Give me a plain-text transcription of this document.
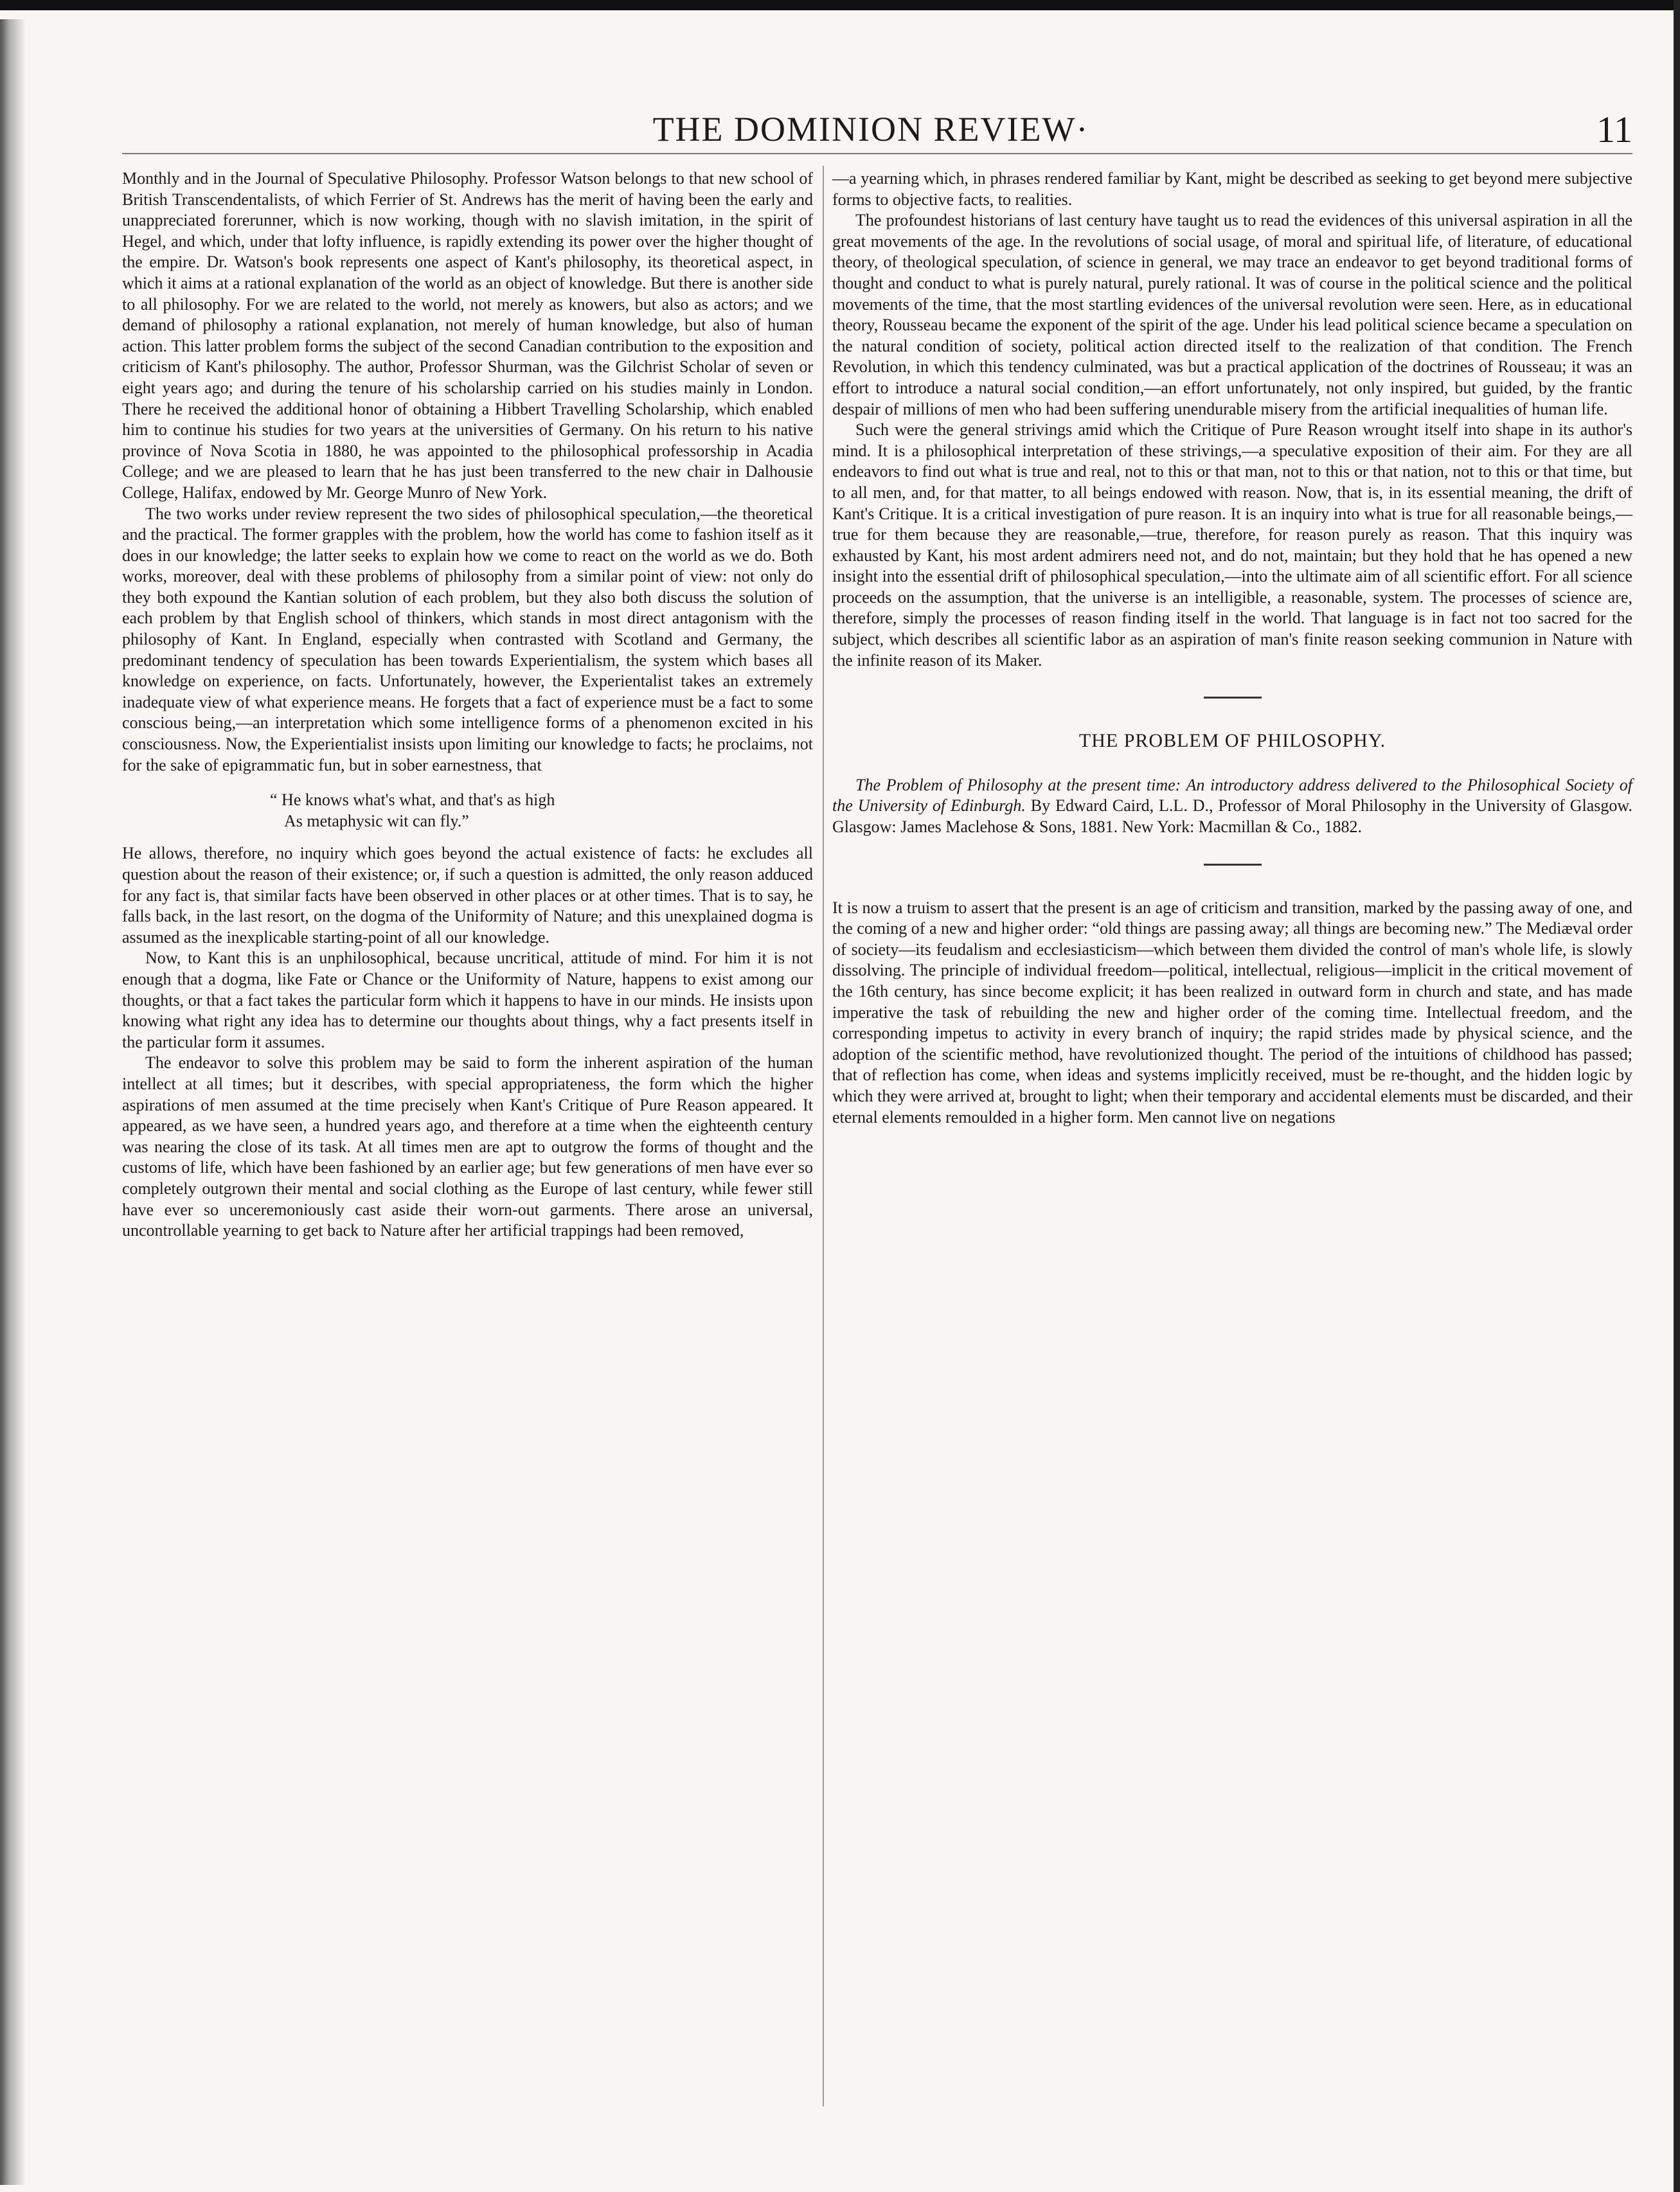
THE DOMINION REVIEW·	11

Monthly and in the Journal of Speculative Philosophy. Professor Watson belongs to that new school of British Transcendentalists, of which Ferrier of St. Andrews has the merit of having been the early and unappreciated forerunner, which is now working, though with no slavish imitation, in the spirit of Hegel, and which, under that lofty influence, is rapidly extending its power over the higher thought of the empire. Dr. Watson's book represents one aspect of Kant's philosophy, its theoretical aspect, in which it aims at a rational explanation of the world as an object of knowledge. But there is another side to all philosophy. For we are related to the world, not merely as knowers, but also as actors; and we demand of philosophy a rational explanation, not merely of human knowledge, but also of human action. This latter problem forms the subject of the second Canadian contribution to the exposition and criticism of Kant's philosophy. The author, Professor Shurman, was the Gilchrist Scholar of seven or eight years ago; and during the tenure of his scholarship carried on his studies mainly in London. There he received the additional honor of obtaining a Hibbert Travelling Scholarship, which enabled him to continue his studies for two years at the universities of Germany. On his return to his native province of Nova Scotia in 1880, he was appointed to the philosophical professorship in Acadia College; and we are pleased to learn that he has just been transferred to the new chair in Dalhousie College, Halifax, endowed by Mr. George Munro of New York.

The two works under review represent the two sides of philosophical speculation,—the theoretical and the practical. The former grapples with the problem, how the world has come to fashion itself as it does in our knowledge; the latter seeks to explain how we come to react on the world as we do. Both works, moreover, deal with these problems of philosophy from a similar point of view: not only do they both expound the Kantian solution of each problem, but they also both discuss the solution of each problem by that English school of thinkers, which stands in most direct antagonism with the philosophy of Kant. In England, especially when contrasted with Scotland and Germany, the predominant tendency of speculation has been towards Experientialism, the system which bases all knowledge on experience, on facts. Unfortunately, however, the Experientalist takes an extremely inadequate view of what experience means. He forgets that a fact of experience must be a fact to some conscious being,—an interpretation which some intelligence forms of a phenomenon excited in his consciousness. Now, the Experientialist insists upon limiting our knowledge to facts; he proclaims, not for the sake of epigrammatic fun, but in sober earnestness, that

“ He knows what's what, and that's as high
As metaphysic wit can fly.”

He allows, therefore, no inquiry which goes beyond the actual existence of facts: he excludes all question about the reason of their existence; or, if such a question is admitted, the only reason adduced for any fact is, that similar facts have been observed in other places or at other times. That is to say, he falls back, in the last resort, on the dogma of the Uniformity of Nature; and this unexplained dogma is assumed as the inexplicable starting-point of all our knowledge.

Now, to Kant this is an unphilosophical, because uncritical, attitude of mind. For him it is not enough that a dogma, like Fate or Chance or the Uniformity of Nature, happens to exist among our thoughts, or that a fact takes the particular form which it happens to have in our minds. He insists upon knowing what right any idea has to determine our thoughts about things, why a fact presents itself in the particular form it assumes.

The endeavor to solve this problem may be said to form the inherent aspiration of the human intellect at all times; but it describes, with special appropriateness, the form which the higher aspirations of men assumed at the time precisely when Kant's Critique of Pure Reason appeared. It appeared, as we have seen, a hundred years ago, and therefore at a time when the eighteenth century was nearing the close of its task. At all times men are apt to outgrow the forms of thought and the customs of life, which have been fashioned by an earlier age; but few generations of men have ever so completely outgrown their mental and social clothing as the Europe of last century, while fewer still have ever so unceremoniously cast aside their worn-out garments. There arose an universal, uncontrollable yearning to get back to Nature after her artificial trappings had been removed,

—a yearning which, in phrases rendered familiar by Kant, might be described as seeking to get beyond mere subjective forms to objective facts, to realities.

The profoundest historians of last century have taught us to read the evidences of this universal aspiration in all the great movements of the age. In the revolutions of social usage, of moral and spiritual life, of literature, of educational theory, of theological speculation, of science in general, we may trace an endeavor to get beyond traditional forms of thought and conduct to what is purely natural, purely rational. It was of course in the political science and the political movements of the time, that the most startling evidences of the universal revolution were seen. Here, as in educational theory, Rousseau became the exponent of the spirit of the age. Under his lead political science became a speculation on the natural condition of society, political action directed itself to the realization of that condition. The French Revolution, in which this tendency culminated, was but a practical application of the doctrines of Rousseau; it was an effort to introduce a natural social condition,—an effort unfortunately, not only inspired, but guided, by the frantic despair of millions of men who had been suffering unendurable misery from the artificial inequalities of human life.

Such were the general strivings amid which the Critique of Pure Reason wrought itself into shape in its author's mind. It is a philosophical interpretation of these strivings,—a speculative exposition of their aim. For they are all endeavors to find out what is true and real, not to this or that man, not to this or that nation, not to this or that time, but to all men, and, for that matter, to all beings endowed with reason. Now, that is, in its essential meaning, the drift of Kant's Critique. It is a critical investigation of pure reason. It is an inquiry into what is true for all reasonable beings,—true for them because they are reasonable,—true, therefore, for reason purely as reason. That this inquiry was exhausted by Kant, his most ardent admirers need not, and do not, maintain; but they hold that he has opened a new insight into the essential drift of philosophical speculation,—into the ultimate aim of all scientific effort. For all science proceeds on the assumption, that the universe is an intelligible, a reasonable, system. The processes of science are, therefore, simply the processes of reason finding itself in the world. That language is in fact not too sacred for the subject, which describes all scientific labor as an aspiration of man's finite reason seeking communion in Nature with the infinite reason of its Maker.

THE PROBLEM OF PHILOSOPHY.

The Problem of Philosophy at the present time: An introductory address delivered to the Philosophical Society of the University of Edinburgh. By Edward Caird, L.L. D., Professor of Moral Philosophy in the University of Glasgow. Glasgow: James Maclehose & Sons, 1881. New York: Macmillan & Co., 1882.

It is now a truism to assert that the present is an age of criticism and transition, marked by the passing away of one, and the coming of a new and higher order: “old things are passing away; all things are becoming new.” The Mediæval order of society—its feudalism and ecclesiasticism—which between them divided the control of man's whole life, is slowly dissolving. The principle of individual freedom—political, intellectual, religious—implicit in the critical movement of the 16th century, has since become explicit; it has been realized in outward form in church and state, and has made imperative the task of rebuilding the new and higher order of the coming time. Intellectual freedom, and the corresponding impetus to activity in every branch of inquiry; the rapid strides made by physical science, and the adoption of the scientific method, have revolutionized thought. The period of the intuitions of childhood has passed; that of reflection has come, when ideas and systems implicitly received, must be re-thought, and the hidden logic by which they were arrived at, brought to light; when their temporary and accidental elements must be discarded, and their eternal elements remoulded in a higher form. Men cannot live on negations
